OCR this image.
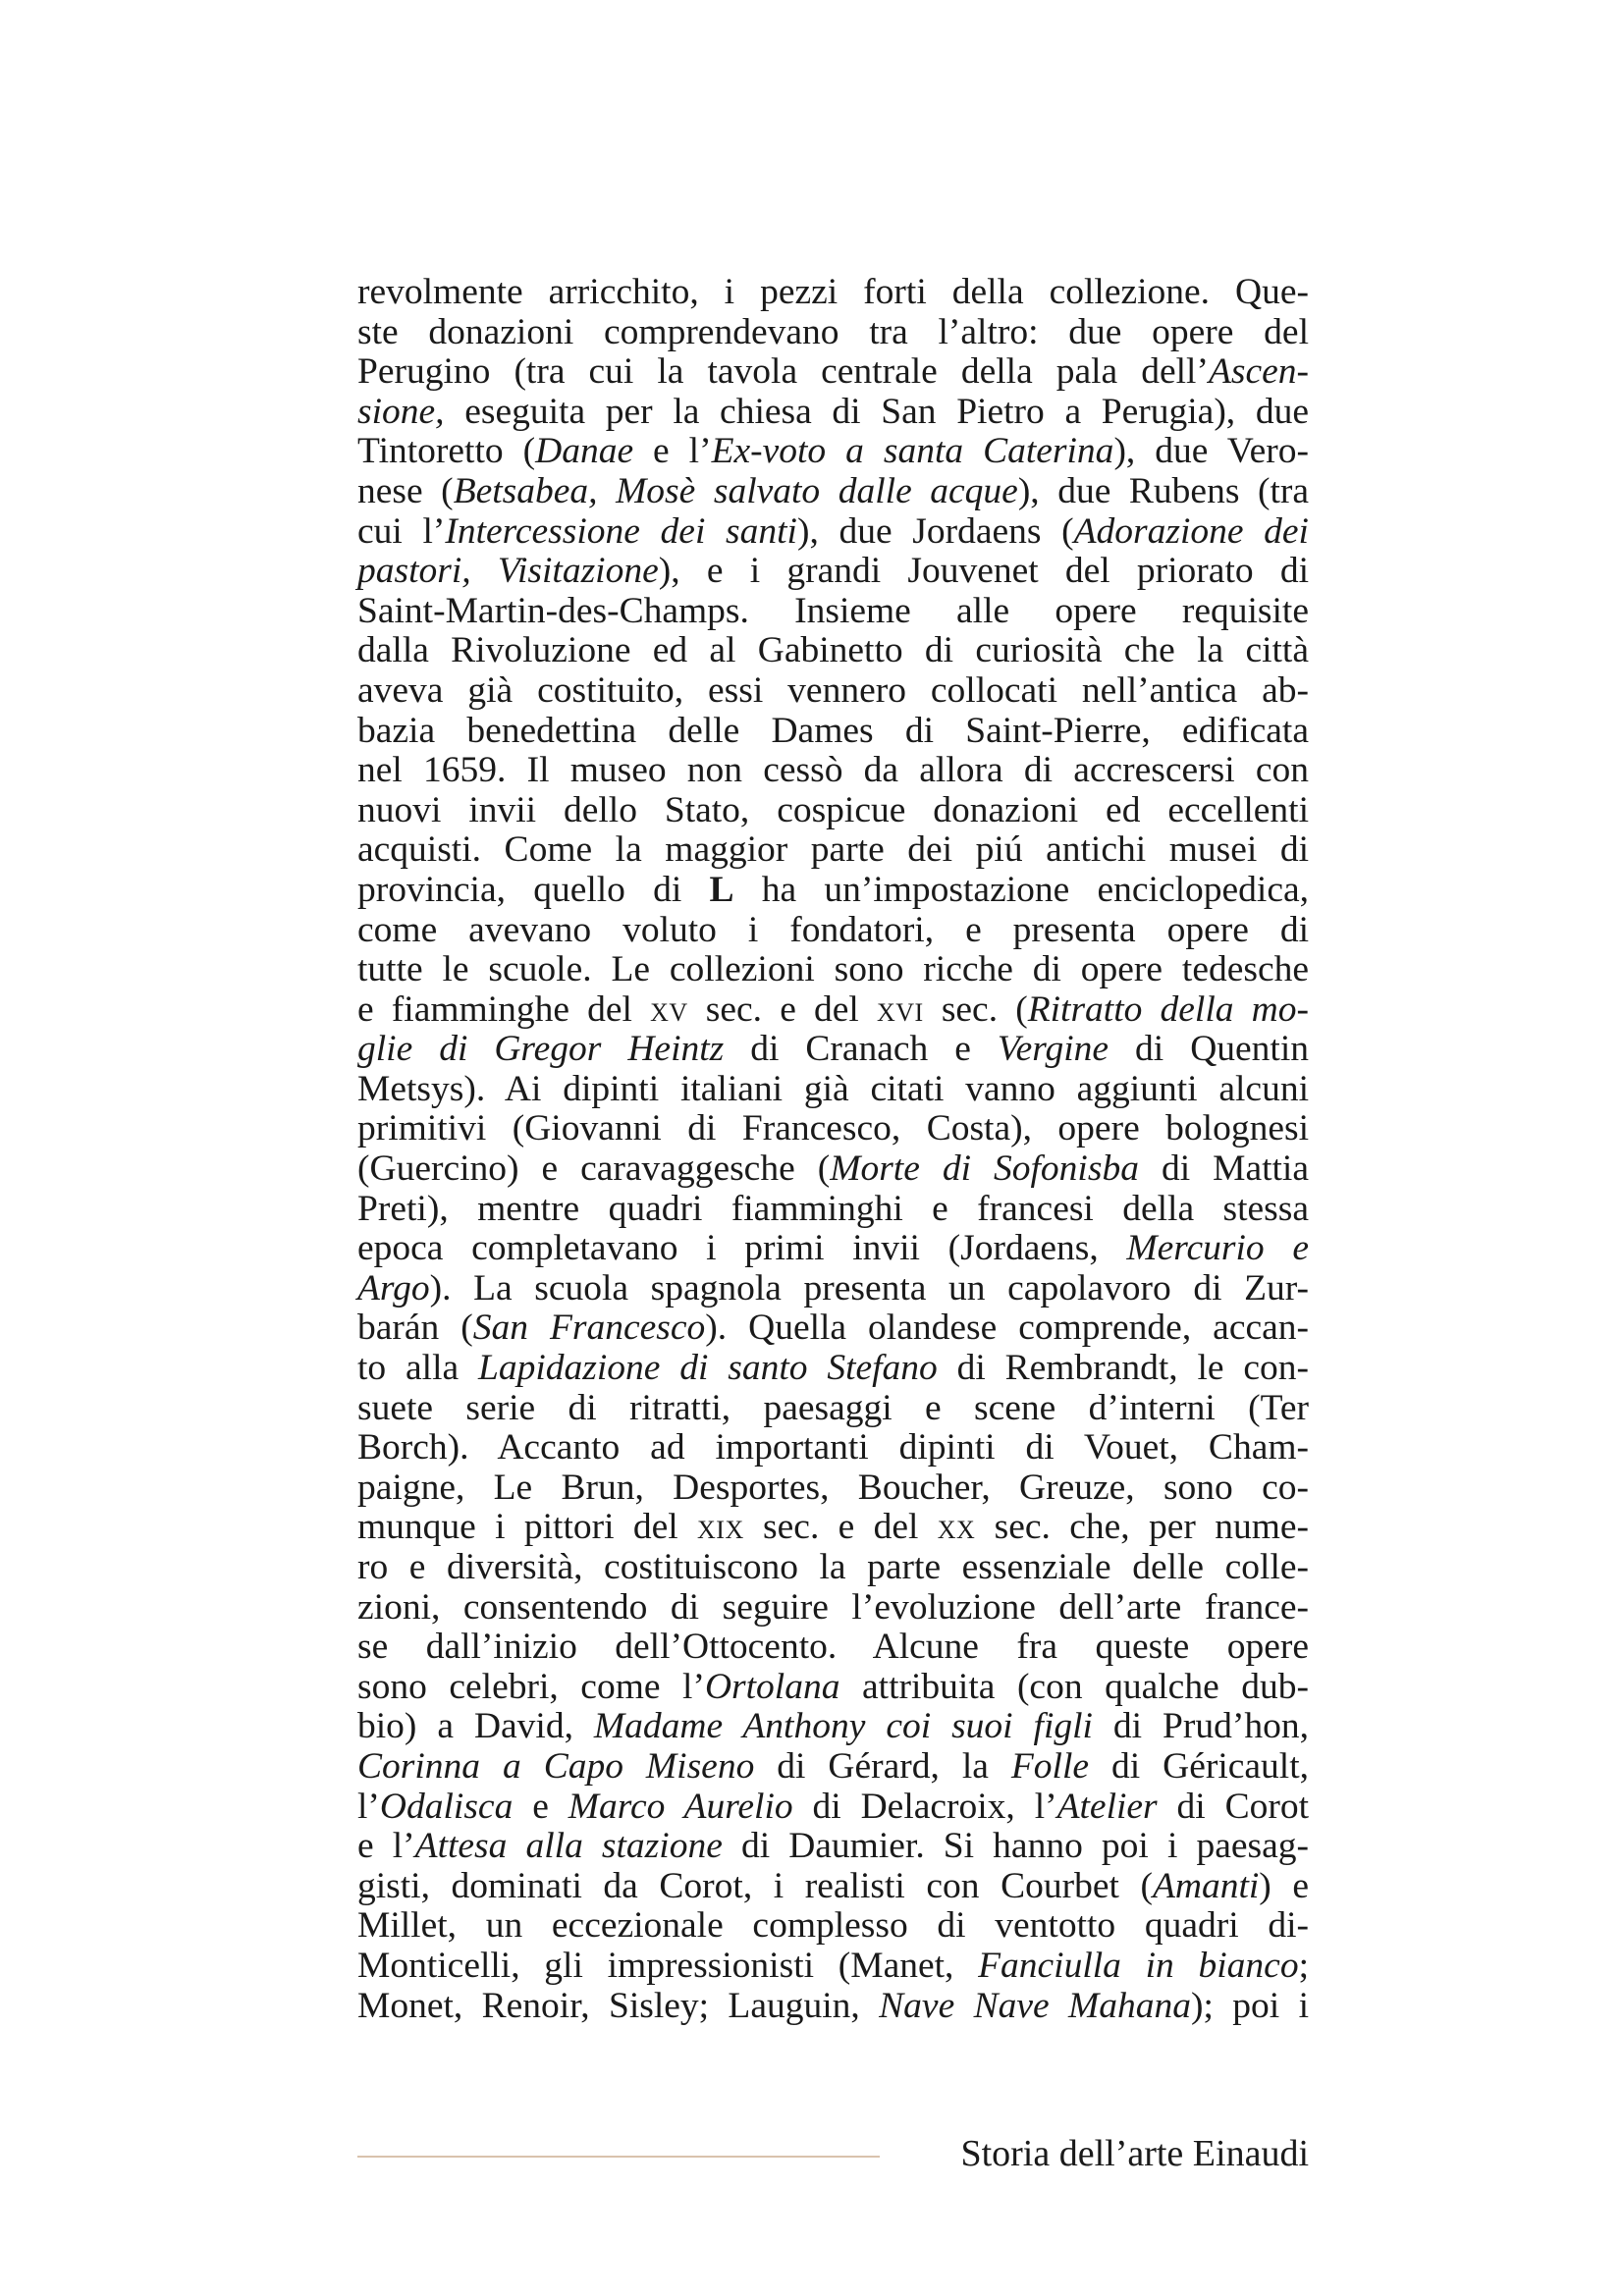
revolmente arricchito, i pezzi forti della collezione. Que-
ste donazioni comprendevano tra l’altro: due opere del
Perugino (tra cui la tavola centrale della pala dell’Ascen-
sione, eseguita per la chiesa di San Pietro a Perugia), due
Tintoretto (Danae e l’Ex-voto a santa Caterina), due Vero-
nese (Betsabea, Mosè salvato dalle acque), due Rubens (tra
cui l’Intercessione dei santi), due Jordaens (Adorazione dei
pastori, Visitazione), e i grandi Jouvenet del priorato di
Saint-Martin-des-Champs. Insieme alle opere requisite
dalla Rivoluzione ed al Gabinetto di curiosità che la città
aveva già costituito, essi vennero collocati nell’antica ab-
bazia benedettina delle Dames di Saint-Pierre, edificata
nel 1659. Il museo non cessò da allora di accrescersi con
nuovi invii dello Stato, cospicue donazioni ed eccellenti
acquisti. Come la maggior parte dei piú antichi musei di
provincia, quello di L ha un’impostazione enciclopedica,
come avevano voluto i fondatori, e presenta opere di
tutte le scuole. Le collezioni sono ricche di opere tedesche
e fiamminghe del xv sec. e del xvi sec. (Ritratto della mo-
glie di Gregor Heintz di Cranach e Vergine di Quentin
Metsys). Ai dipinti italiani già citati vanno aggiunti alcuni
primitivi (Giovanni di Francesco, Costa), opere bolognesi
(Guercino) e caravaggesche (Morte di Sofonisba di Mattia
Preti), mentre quadri fiamminghi e francesi della stessa
epoca completavano i primi invii (Jordaens, Mercurio e
Argo). La scuola spagnola presenta un capolavoro di Zur-
barán (San Francesco). Quella olandese comprende, accan-
to alla Lapidazione di santo Stefano di Rembrandt, le con-
suete serie di ritratti, paesaggi e scene d’interni (Ter
Borch). Accanto ad importanti dipinti di Vouet, Cham-
paigne, Le Brun, Desportes, Boucher, Greuze, sono co-
munque i pittori del xix sec. e del xx sec. che, per nume-
ro e diversità, costituiscono la parte essenziale delle colle-
zioni, consentendo di seguire l’evoluzione dell’arte france-
se dall’inizio dell’Ottocento. Alcune fra queste opere
sono celebri, come l’Ortolana attribuita (con qualche dub-
bio) a David, Madame Anthony coi suoi figli di Prud’hon,
Corinna a Capo Miseno di Gérard, la Folle di Géricault,
l’Odalisca e Marco Aurelio di Delacroix, l’Atelier di Corot
e l’Attesa alla stazione di Daumier. Si hanno poi i paesag-
gisti, dominati da Corot, i realisti con Courbet (Amanti) e
Millet, un eccezionale complesso di ventotto quadri di-
Monticelli, gli impressionisti (Manet, Fanciulla in bianco;
Monet, Renoir, Sisley; Lauguin, Nave Nave Mahana); poi i
Storia dell’arte Einaudi
